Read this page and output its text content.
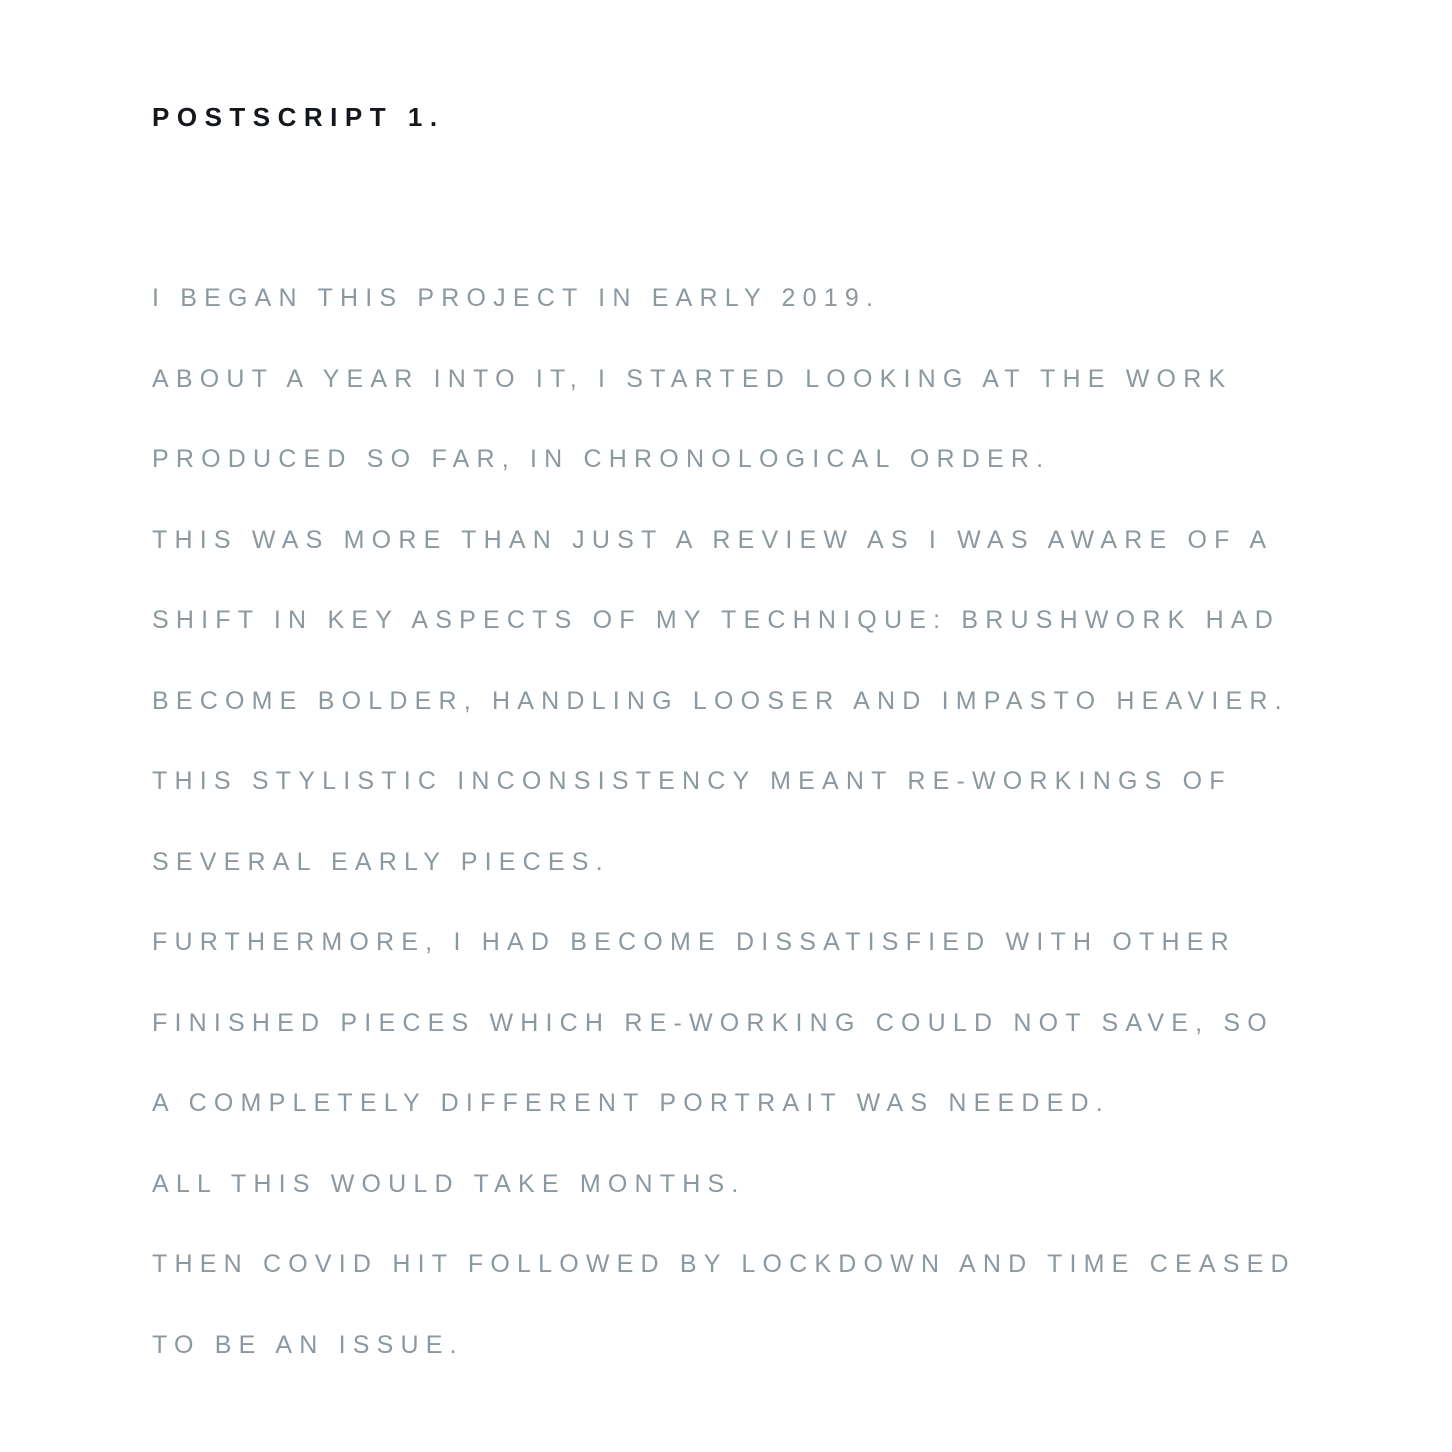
POSTSCRIPT 1.
I BEGAN THIS PROJECT IN EARLY 2019.
ABOUT A YEAR INTO IT, I STARTED LOOKING AT THE WORK
PRODUCED SO FAR, IN CHRONOLOGICAL ORDER.
THIS WAS MORE THAN JUST A REVIEW AS I WAS AWARE OF A
SHIFT IN KEY ASPECTS OF MY TECHNIQUE: BRUSHWORK HAD
BECOME BOLDER, HANDLING LOOSER AND IMPASTO HEAVIER.
THIS STYLISTIC INCONSISTENCY MEANT RE-WORKINGS OF
SEVERAL EARLY PIECES.
FURTHERMORE, I HAD BECOME DISSATISFIED WITH OTHER
FINISHED PIECES WHICH RE-WORKING COULD NOT SAVE, SO
A COMPLETELY DIFFERENT PORTRAIT WAS NEEDED.
ALL THIS WOULD TAKE MONTHS.
THEN COVID HIT FOLLOWED BY LOCKDOWN AND TIME CEASED
TO BE AN ISSUE.
